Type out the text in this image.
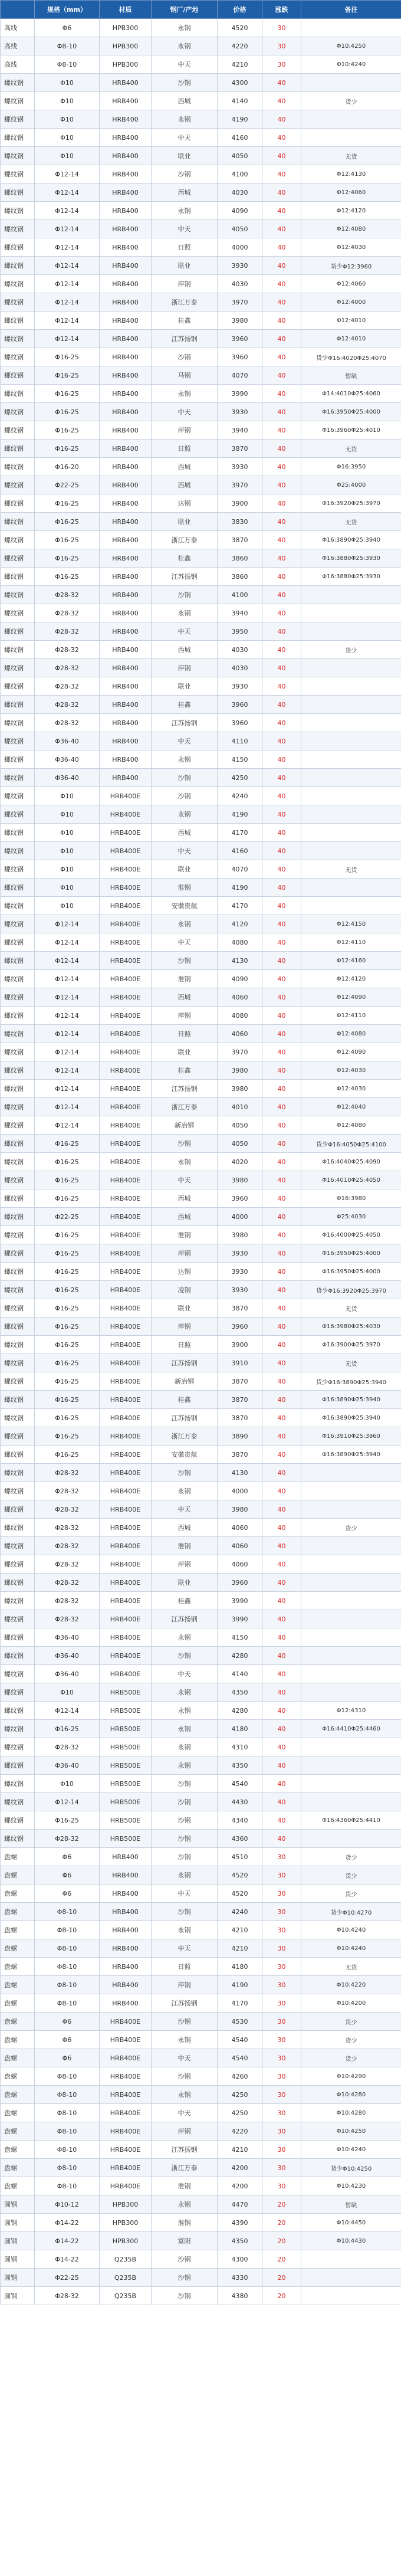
	规格（mm）	材质	钢厂/产地	价格	涨跌	备注
高线	Φ6	HPB300	永钢	4520	30	
高线	Φ8-10	HPB300	永钢	4220	30	Φ10:4250
高线	Φ8-10	HPB300	中天	4210	30	Φ10:4240
螺纹钢	Φ10	HRB400	沙钢	4300	40	
螺纹钢	Φ10	HRB400	西城	4140	40	货少
螺纹钢	Φ10	HRB400	永钢	4190	40	
螺纹钢	Φ10	HRB400	中天	4160	40	
螺纹钢	Φ10	HRB400	联业	4050	40	无货
螺纹钢	Φ12-14	HRB400	沙钢	4100	40	Φ12:4130
螺纹钢	Φ12-14	HRB400	西城	4030	40	Φ12:4060
螺纹钢	Φ12-14	HRB400	永钢	4090	40	Φ12:4120
螺纹钢	Φ12-14	HRB400	中天	4050	40	Φ12:4080
螺纹钢	Φ12-14	HRB400	日照	4000	40	Φ12:4030
螺纹钢	Φ12-14	HRB400	联业	3930	40	货少Φ12:3960
螺纹钢	Φ12-14	HRB400	萍钢	4030	40	Φ12:4060
螺纹钢	Φ12-14	HRB400	浙江万泰	3970	40	Φ12:4000
螺纹钢	Φ12-14	HRB400	桂鑫	3980	40	Φ12:4010
螺纹钢	Φ12-14	HRB400	江苏扬钢	3960	40	Φ12:4010
螺纹钢	Φ16-25	HRB400	沙钢	3960	40	货少Φ16:4020Φ25:4070
螺纹钢	Φ16-25	HRB400	马钢	4070	40	暂缺
螺纹钢	Φ16-25	HRB400	永钢	3990	40	Φ14:4010Φ25:4060
螺纹钢	Φ16-25	HRB400	中天	3930	40	Φ16:3950Φ25:4000
螺纹钢	Φ16-25	HRB400	萍钢	3940	40	Φ16:3960Φ25:4010
螺纹钢	Φ16-25	HRB400	日照	3870	40	无货
螺纹钢	Φ16-20	HRB400	西城	3930	40	Φ16:3950
螺纹钢	Φ22-25	HRB400	西城	3970	40	Φ25:4000
螺纹钢	Φ16-25	HRB400	达钢	3900	40	Φ16:3920Φ25:3970
螺纹钢	Φ16-25	HRB400	联业	3830	40	无货
螺纹钢	Φ16-25	HRB400	浙江万泰	3870	40	Φ16:3890Φ25:3940
螺纹钢	Φ16-25	HRB400	桂鑫	3860	40	Φ16:3880Φ25:3930
螺纹钢	Φ16-25	HRB400	江苏扬钢	3860	40	Φ16:3880Φ25:3930
螺纹钢	Φ28-32	HRB400	沙钢	4100	40	
螺纹钢	Φ28-32	HRB400	永钢	3940	40	
螺纹钢	Φ28-32	HRB400	中天	3950	40	
螺纹钢	Φ28-32	HRB400	西城	4030	40	货少
螺纹钢	Φ28-32	HRB400	萍钢	4030	40	
螺纹钢	Φ28-32	HRB400	联业	3930	40	
螺纹钢	Φ28-32	HRB400	桂鑫	3960	40	
螺纹钢	Φ28-32	HRB400	江苏扬钢	3960	40	
螺纹钢	Φ36-40	HRB400	中天	4110	40	
螺纹钢	Φ36-40	HRB400	永钢	4150	40	
螺纹钢	Φ36-40	HRB400	沙钢	4250	40	
螺纹钢	Φ10	HRB400E	沙钢	4240	40	
螺纹钢	Φ10	HRB400E	永钢	4190	40	
螺纹钢	Φ10	HRB400E	西城	4170	40	
螺纹钢	Φ10	HRB400E	中天	4160	40	
螺纹钢	Φ10	HRB400E	联业	4070	40	无货
螺纹钢	Φ10	HRB400E	淮钢	4190	40	
螺纹钢	Φ10	HRB400E	安徽贵航	4170	40	
螺纹钢	Φ12-14	HRB400E	永钢	4120	40	Φ12:4150
螺纹钢	Φ12-14	HRB400E	中天	4080	40	Φ12:4110
螺纹钢	Φ12-14	HRB400E	沙钢	4130	40	Φ12:4160
螺纹钢	Φ12-14	HRB400E	淮钢	4090	40	Φ12:4120
螺纹钢	Φ12-14	HRB400E	西城	4060	40	Φ12:4090
螺纹钢	Φ12-14	HRB400E	萍钢	4080	40	Φ12:4110
螺纹钢	Φ12-14	HRB400E	日照	4060	40	Φ12:4080
螺纹钢	Φ12-14	HRB400E	联业	3970	40	Φ12:4090
螺纹钢	Φ12-14	HRB400E	桂鑫	3980	40	Φ12:4030
螺纹钢	Φ12-14	HRB400E	江苏扬钢	3980	40	Φ12:4030
螺纹钢	Φ12-14	HRB400E	浙江万泰	4010	40	Φ12:4040
螺纹钢	Φ12-14	HRB400E	新冶钢	4050	40	Φ12:4080
螺纹钢	Φ16-25	HRB400E	沙钢	4050	40	货少Φ16:4050Φ25:4100
螺纹钢	Φ16-25	HRB400E	永钢	4020	40	Φ16:4040Φ25:4090
螺纹钢	Φ16-25	HRB400E	中天	3980	40	Φ16:4010Φ25:4050
螺纹钢	Φ16-25	HRB400E	西城	3960	40	Φ16:3980
螺纹钢	Φ22-25	HRB400E	西城	4000	40	Φ25:4030
螺纹钢	Φ16-25	HRB400E	淮钢	3980	40	Φ16:4000Φ25:4050
螺纹钢	Φ16-25	HRB400E	萍钢	3930	40	Φ16:3950Φ25:4000
螺纹钢	Φ16-25	HRB400E	达钢	3930	40	Φ16:3950Φ25:4000
螺纹钢	Φ16-25	HRB400E	凌钢	3930	40	货少Φ16:3920Φ25:3970
螺纹钢	Φ16-25	HRB400E	联业	3870	40	无货
螺纹钢	Φ16-25	HRB400E	萍钢	3960	40	Φ16:3980Φ25:4030
螺纹钢	Φ16-25	HRB400E	日照	3900	40	Φ16:3900Φ25:3970
螺纹钢	Φ16-25	HRB400E	江苏扬钢	3910	40	无货
螺纹钢	Φ16-25	HRB400E	新冶钢	3870	40	货少Φ16:3890Φ25:3940
螺纹钢	Φ16-25	HRB400E	桂鑫	3870	40	Φ16:3890Φ25:3940
螺纹钢	Φ16-25	HRB400E	江苏扬钢	3870	40	Φ16:3890Φ25:3940
螺纹钢	Φ16-25	HRB400E	浙江万泰	3890	40	Φ16:3910Φ25:3960
螺纹钢	Φ16-25	HRB400E	安徽贵航	3870	40	Φ16:3890Φ25:3940
螺纹钢	Φ28-32	HRB400E	沙钢	4130	40	
螺纹钢	Φ28-32	HRB400E	永钢	4000	40	
螺纹钢	Φ28-32	HRB400E	中天	3980	40	
螺纹钢	Φ28-32	HRB400E	西城	4060	40	货少
螺纹钢	Φ28-32	HRB400E	淮钢	4060	40	
螺纹钢	Φ28-32	HRB400E	萍钢	4060	40	
螺纹钢	Φ28-32	HRB400E	联业	3960	40	
螺纹钢	Φ28-32	HRB400E	桂鑫	3990	40	
螺纹钢	Φ28-32	HRB400E	江苏扬钢	3990	40	
螺纹钢	Φ36-40	HRB400E	永钢	4150	40	
螺纹钢	Φ36-40	HRB400E	沙钢	4280	40	
螺纹钢	Φ36-40	HRB400E	中天	4140	40	
螺纹钢	Φ10	HRB500E	永钢	4350	40	
螺纹钢	Φ12-14	HRB500E	永钢	4280	40	Φ12:4310
螺纹钢	Φ16-25	HRB500E	永钢	4180	40	Φ16:4410Φ25:4460
螺纹钢	Φ28-32	HRB500E	永钢	4310	40	
螺纹钢	Φ36-40	HRB500E	永钢	4350	40	
螺纹钢	Φ10	HRB500E	沙钢	4540	40	
螺纹钢	Φ12-14	HRB500E	沙钢	4430	40	
螺纹钢	Φ16-25	HRB500E	沙钢	4340	40	Φ16:4360Φ25:4410
螺纹钢	Φ28-32	HRB500E	沙钢	4360	40	
盘螺	Φ6	HRB400	沙钢	4510	30	货少
盘螺	Φ6	HRB400	永钢	4520	30	货少
盘螺	Φ6	HRB400	中天	4520	30	货少
盘螺	Φ8-10	HRB400	沙钢	4240	30	货少Φ10:4270
盘螺	Φ8-10	HRB400	永钢	4210	30	Φ10:4240
盘螺	Φ8-10	HRB400	中天	4210	30	Φ10:4240
盘螺	Φ8-10	HRB400	日照	4180	30	无货
盘螺	Φ8-10	HRB400	萍钢	4190	30	Φ10:4220
盘螺	Φ8-10	HRB400	江苏扬钢	4170	30	Φ10:4200
盘螺	Φ6	HRB400E	沙钢	4530	30	货少
盘螺	Φ6	HRB400E	永钢	4540	30	货少
盘螺	Φ6	HRB400E	中天	4540	30	货少
盘螺	Φ8-10	HRB400E	沙钢	4260	30	Φ10:4290
盘螺	Φ8-10	HRB400E	永钢	4250	30	Φ10:4280
盘螺	Φ8-10	HRB400E	中天	4250	30	Φ10:4280
盘螺	Φ8-10	HRB400E	萍钢	4220	30	Φ10:4250
盘螺	Φ8-10	HRB400E	江苏扬钢	4210	30	Φ10:4240
盘螺	Φ8-10	HRB400E	浙江万泰	4200	30	货少Φ10:4250
盘螺	Φ8-10	HRB400E	淮钢	4200	30	Φ10:4230
圆钢	Φ10-12	HPB300	永钢	4470	20	暂缺
圆钢	Φ14-22	HPB300	淮钢	4390	20	Φ10:4450
圆钢	Φ14-22	HPB300	富阳	4350	20	Φ10:4430
圆钢	Φ14-22	Q235B	沙钢	4300	20	
圆钢	Φ22-25	Q235B	沙钢	4330	20	
圆钢	Φ28-32	Q235B	沙钢	4380	20	
